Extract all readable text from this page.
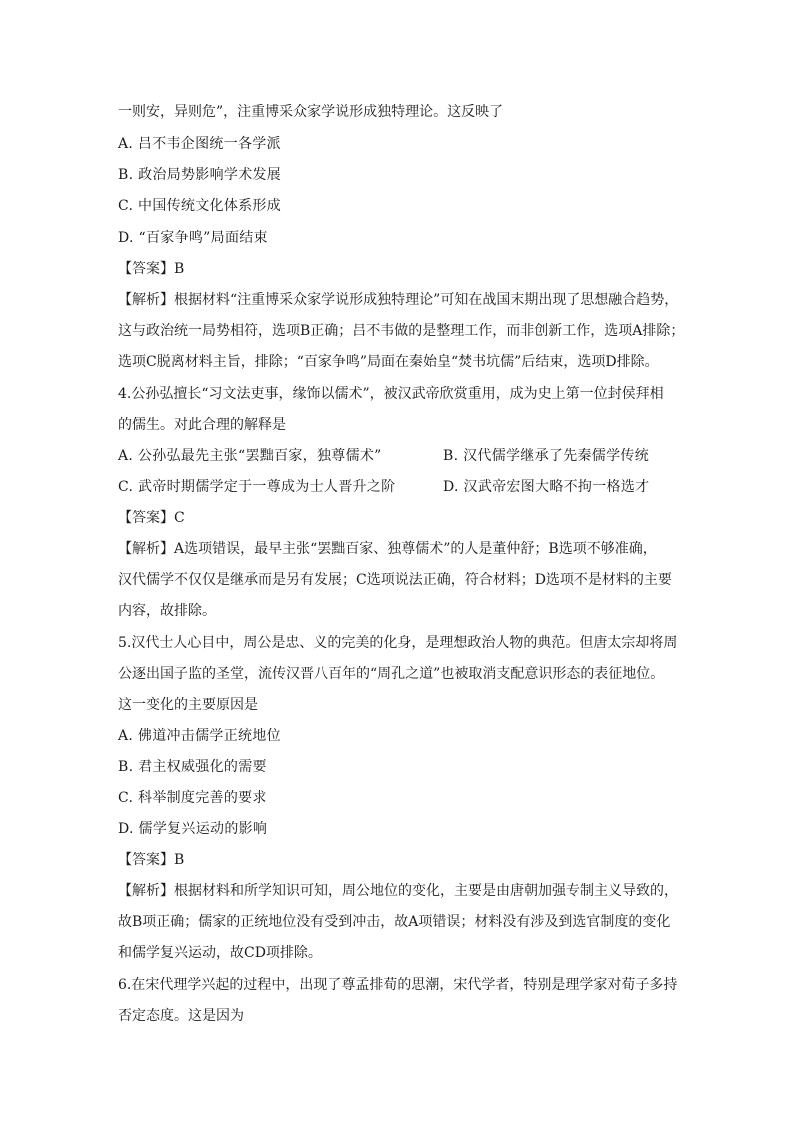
一则安，异则危”，注重博采众家学说形成独特理论。这反映了
A. 吕不韦企图统一各学派
B. 政治局势影响学术发展
C. 中国传统文化体系形成
D. “百家争鸣”局面结束
【答案】B
【解析】根据材料“注重博采众家学说形成独特理论”可知在战国末期出现了思想融合趋势，
这与政治统一局势相符，选项B正确；吕不韦做的是整理工作，而非创新工作，选项A排除；
选项C脱离材料主旨，排除；“百家争鸣”局面在秦始皇“焚书坑儒”后结束，选项D排除。
4.公孙弘擅长“习文法吏事，缘饰以儒术”，被汉武帝欣赏重用，成为史上第一位封侯拜相
的儒生。对此合理的解释是
A. 公孙弘最先主张“罢黜百家，独尊儒术”	B. 汉代儒学继承了先秦儒学传统
C. 武帝时期儒学定于一尊成为士人晋升之阶	D. 汉武帝宏图大略不拘一格选才
【答案】C
【解析】A选项错误，最早主张“罢黜百家、独尊儒术”的人是董仲舒；B选项不够准确，
汉代儒学不仅仅是继承而是另有发展；C选项说法正确，符合材料；D选项不是材料的主要
内容，故排除。
5.汉代士人心目中，周公是忠、义的完美的化身，是理想政治人物的典范。但唐太宗却将周
公逐出国子监的圣堂，流传汉晋八百年的“周孔之道”也被取消支配意识形态的表征地位。
这一变化的主要原因是
A. 佛道冲击儒学正统地位
B. 君主权威强化的需要
C. 科举制度完善的要求
D. 儒学复兴运动的影响
【答案】B
【解析】根据材料和所学知识可知，周公地位的变化，主要是由唐朝加强专制主义导致的，
故B项正确；儒家的正统地位没有受到冲击，故A项错误；材料没有涉及到选官制度的变化
和儒学复兴运动，故CD项排除。
6.在宋代理学兴起的过程中，出现了尊孟排荀的思潮，宋代学者，特别是理学家对荀子多持
否定态度。这是因为
